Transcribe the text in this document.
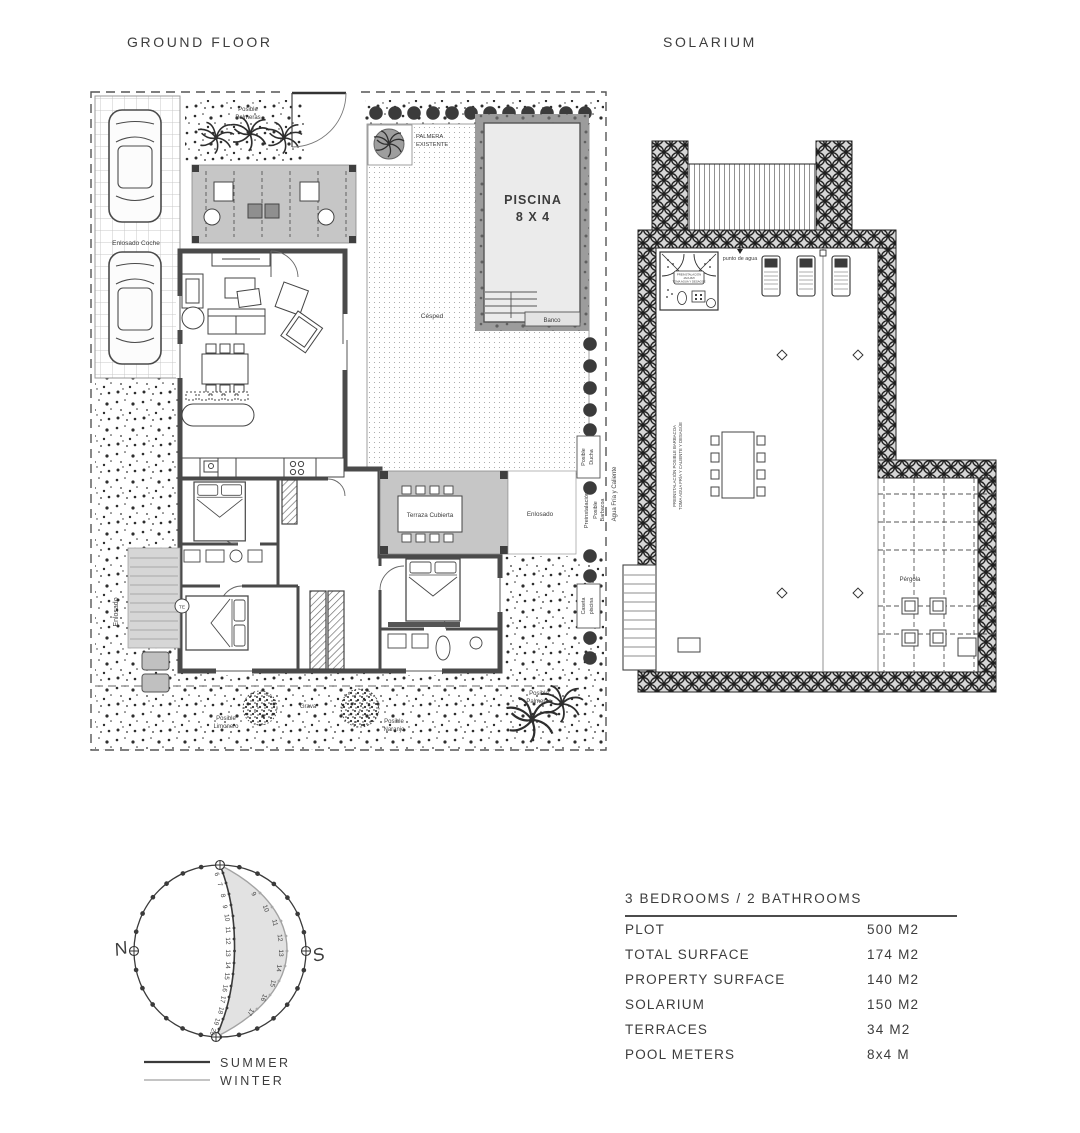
GROUND FLOOR	SOLARIUM
Enlosado Coche
Posible
Palmeras
Césped
PALMERA
EXISTENTE
PISCINA
8 X 4
Banco
Terraza Cubierta	Enlosado
Posible Ducha
Preinstalación Posible Barbacoa Agua Fría y Caliente
Caseta piscina
TE
Enlosado
Posible
Limonero
Grava
Posible
Naranjo
Posible
Palmeras
PREINSTALACIÓN
JACUZZI
TOMA AGUA Y DESAGÜE
punto de agua
PREINSTALACIÓN POSIBLE BARBACOA TOMA AGUA FRÍA Y CALIENTE Y DESAGÜE
Pérgola
6
7
8
9
10
11
12
13
14
15
16
17
18
19
20
9
10
11
12
13
14
15
16
17
N	S
SUMMER
WINTER
3 BEDROOMS / 2 BATHROOMS
PLOT	500 M2
TOTAL SURFACE	174 M2
PROPERTY SURFACE	140 M2
SOLARIUM	150 M2
TERRACES	34 M2
POOL METERS	8x4 M
